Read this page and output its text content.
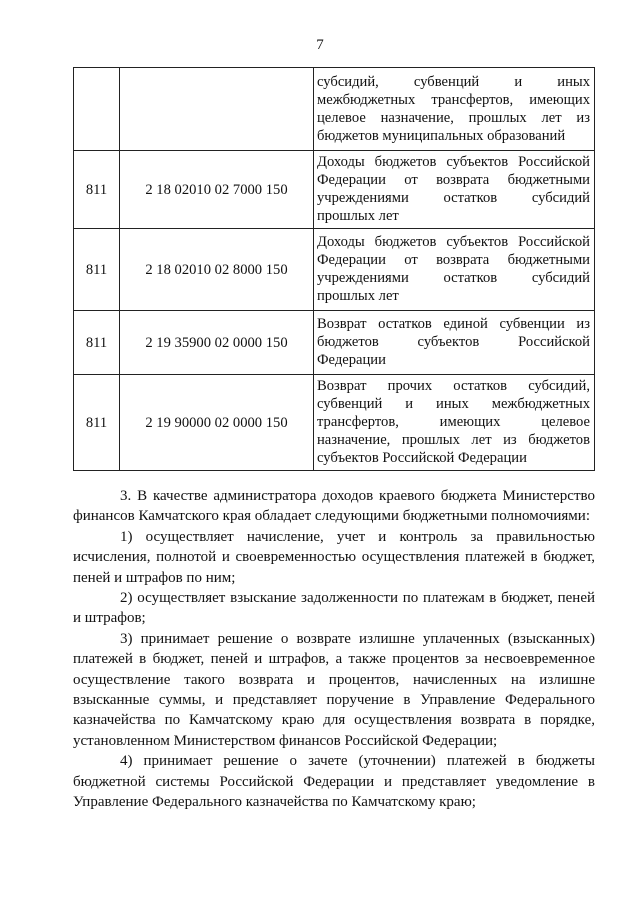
7

		субсидий, субвенций и иных
межбюджетных трансфертов, имеющих
целевое назначение, прошлых лет из
бюджетов муниципальных образований

811	2 18 02010 02 7000 150	Доходы бюджетов субъектов Российской
Федерации от возврата бюджетными
учреждениями остатков субсидий
прошлых лет

811	2 18 02010 02 8000 150	Доходы бюджетов субъектов Российской
Федерации от возврата бюджетными
учреждениями остатков субсидий
прошлых лет

811	2 19 35900 02 0000 150	Возврат остатков единой субвенции из
бюджетов субъектов Российской
Федерации

811	2 19 90000 02 0000 150	Возврат прочих остатков субсидий,
субвенций и иных межбюджетных
трансфертов, имеющих целевое
назначение, прошлых лет из бюджетов
субъектов Российской Федерации

3. В качестве администратора доходов краевого бюджета Министерство финансов Камчатского края обладает следующими бюджетными полномочиями:

1) осуществляет начисление, учет и контроль за правильностью исчисления, полнотой и своевременностью осуществления платежей в бюджет, пеней и штрафов по ним;

2) осуществляет взыскание задолженности по платежам в бюджет, пеней и штрафов;

3) принимает решение о возврате излишне уплаченных (взысканных) платежей в бюджет, пеней и штрафов, а также процентов за несвоевременное осуществление такого возврата и процентов, начисленных на излишне взысканные суммы, и представляет поручение в Управление Федерального казначейства по Камчатскому краю для осуществления возврата в порядке, установленном Министерством финансов Российской Федерации;

4) принимает решение о зачете (уточнении) платежей в бюджеты бюджетной системы Российской Федерации и представляет уведомление в Управление Федерального казначейства по Камчатскому краю;
